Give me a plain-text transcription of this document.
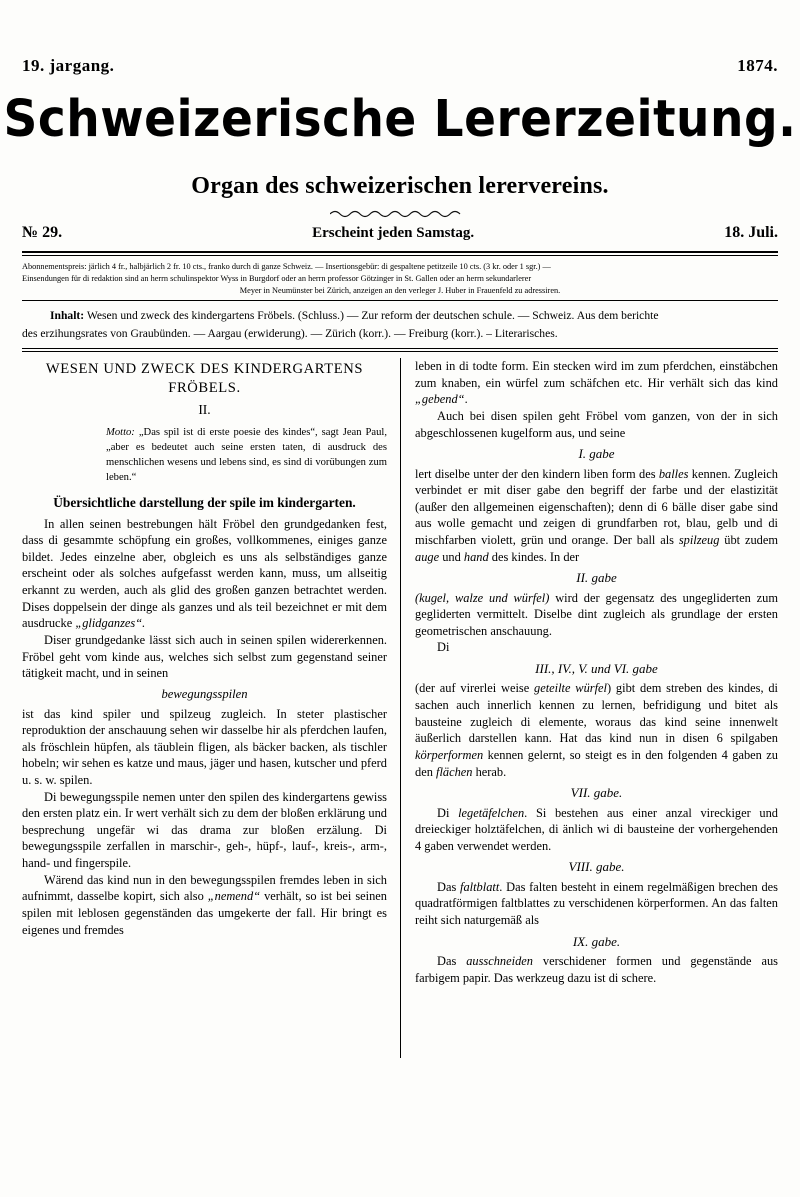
19. jargang.	1874.
Schweizerische Lererzeitung.
Organ des schweizerischen lerervereins.
№ 29.	Erscheint jeden Samstag.	18. Juli.
Abonnementspreis: järlich 4 fr., halbjärlich 2 fr. 10 cts., franko durch di ganze Schweiz. — Insertionsgebür: di gespaltene petitzeile 10 cts. (3 kr. oder 1 sgr.) —
Einsendungen für di redaktion sind an herrn schulinspektor Wyss in Burgdorf oder an herrn professor Götzinger in St. Gallen oder an herrn sekundarlerer
Meyer in Neumünster bei Zürich, anzeigen an den verleger J. Huber in Frauenfeld zu adressiren.
Inhalt: Wesen und zweck des kindergartens Fröbels. (Schluss.) — Zur reform der deutschen schule. — Schweiz. Aus dem berichte
des erzihungsrates von Graubünden. — Aargau (erwiderung). — Zürich (korr.). — Freiburg (korr.). – Literarisches.
WESEN UND ZWECK DES KINDERGARTENS
FRÖBELS.
II.
Motto: „Das spil ist di erste poesie des kindes“, sagt Jean Paul, „aber es bedeutet auch seine ersten taten, di ausdruck des menschlichen wesens und lebens sind, es sind di vorübungen zum leben.“
Übersichtliche darstellung der spile im kindergarten.

In allen seinen bestrebungen hält Fröbel den grundgedanken fest, dass di gesammte schöpfung ein großes, vollkommenes, einiges ganze bildet. Jedes einzelne aber, obgleich es uns als selbständiges ganze erscheint oder als solches aufgefasst werden kann, muss, um allseitig erkannt zu werden, auch als glid des großen ganzen betrachtet werden. Dises doppelsein der dinge als ganzes und als teil bezeichnet er mit dem ausdrucke „glidganzes“.

Diser grundgedanke lässt sich auch in seinen spilen widererkennen. Fröbel geht vom kinde aus, welches sich selbst zum gegenstand seiner tätigkeit macht, und in seinen

bewegungsspilen

ist das kind spiler und spilzeug zugleich. In steter plastischer reproduktion der anschauung sehen wir dasselbe hir als pferdchen laufen, als fröschlein hüpfen, als täublein fligen, als bäcker backen, als tischler hobeln; wir sehen es katze und maus, jäger und hasen, kutscher und pferd u. s. w. spilen.

Di bewegungsspile nemen unter den spilen des kindergartens gewiss den ersten platz ein. Ir wert verhält sich zu dem der bloßen erklärung und besprechung ungefär wi das drama zur bloßen erzälung. Di bewegungsspile zerfallen in marschir-, geh-, hüpf-, lauf-, kreis-, arm-, hand- und fingerspile.

Wärend das kind nun in den bewegungsspilen fremdes leben in sich aufnimmt, dasselbe kopirt, sich also „nemend“ verhält, so ist bei seinen spilen mit leblosen gegenständen das umgekerte der fall. Hir bringt es eigenes und fremdes

leben in di todte form. Ein stecken wird im zum pferdchen, einstäbchen zum knaben, ein würfel zum schäfchen etc. Hir verhält sich das kind „gebend“.

Auch bei disen spilen geht Fröbel vom ganzen, von der in sich abgeschlossenen kugelform aus, und seine

I. gabe

lert diselbe unter der den kindern liben form des balles kennen. Zugleich verbindet er mit diser gabe den begriff der farbe und der elastizität (außer den allgemeinen eigenschaften); denn di 6 bälle diser gabe sind aus wolle gemacht und zeigen di grundfarben rot, blau, gelb und di mischfarben violett, grün und orange. Der ball als spilzeug übt zudem auge und hand des kindes. In der

II. gabe

(kugel, walze und würfel) wird der gegensatz des ungegliderten zum gegliderten vermittelt. Diselbe dint zugleich als grundlage der ersten geometrischen anschauung.

Di

III., IV., V. und VI. gabe

(der auf virerlei weise geteilte würfel) gibt dem streben des kindes, di sachen auch innerlich kennen zu lernen, befridigung und bitet als bausteine zugleich di elemente, woraus das kind seine innenwelt äußerlich darstellen kann. Hat das kind nun in disen 6 spilgaben körperformen kennen gelernt, so steigt es in den folgenden 4 gaben zu den flächen herab.

VII. gabe.

Di legetäfelchen. Si bestehen aus einer anzal vireckiger und dreieckiger holztäfelchen, di änlich wi di bausteine der vorhergehenden 4 gaben verwendet werden.

VIII. gabe.

Das faltblatt. Das falten besteht in einem regelmäßigen brechen des quadratförmigen faltblattes zu verschidenen körperformen. An das falten reiht sich naturgemäß als

IX. gabe.

Das ausschneiden verschidener formen und gegenstände aus farbigem papir. Das werkzeug dazu ist di schere.
